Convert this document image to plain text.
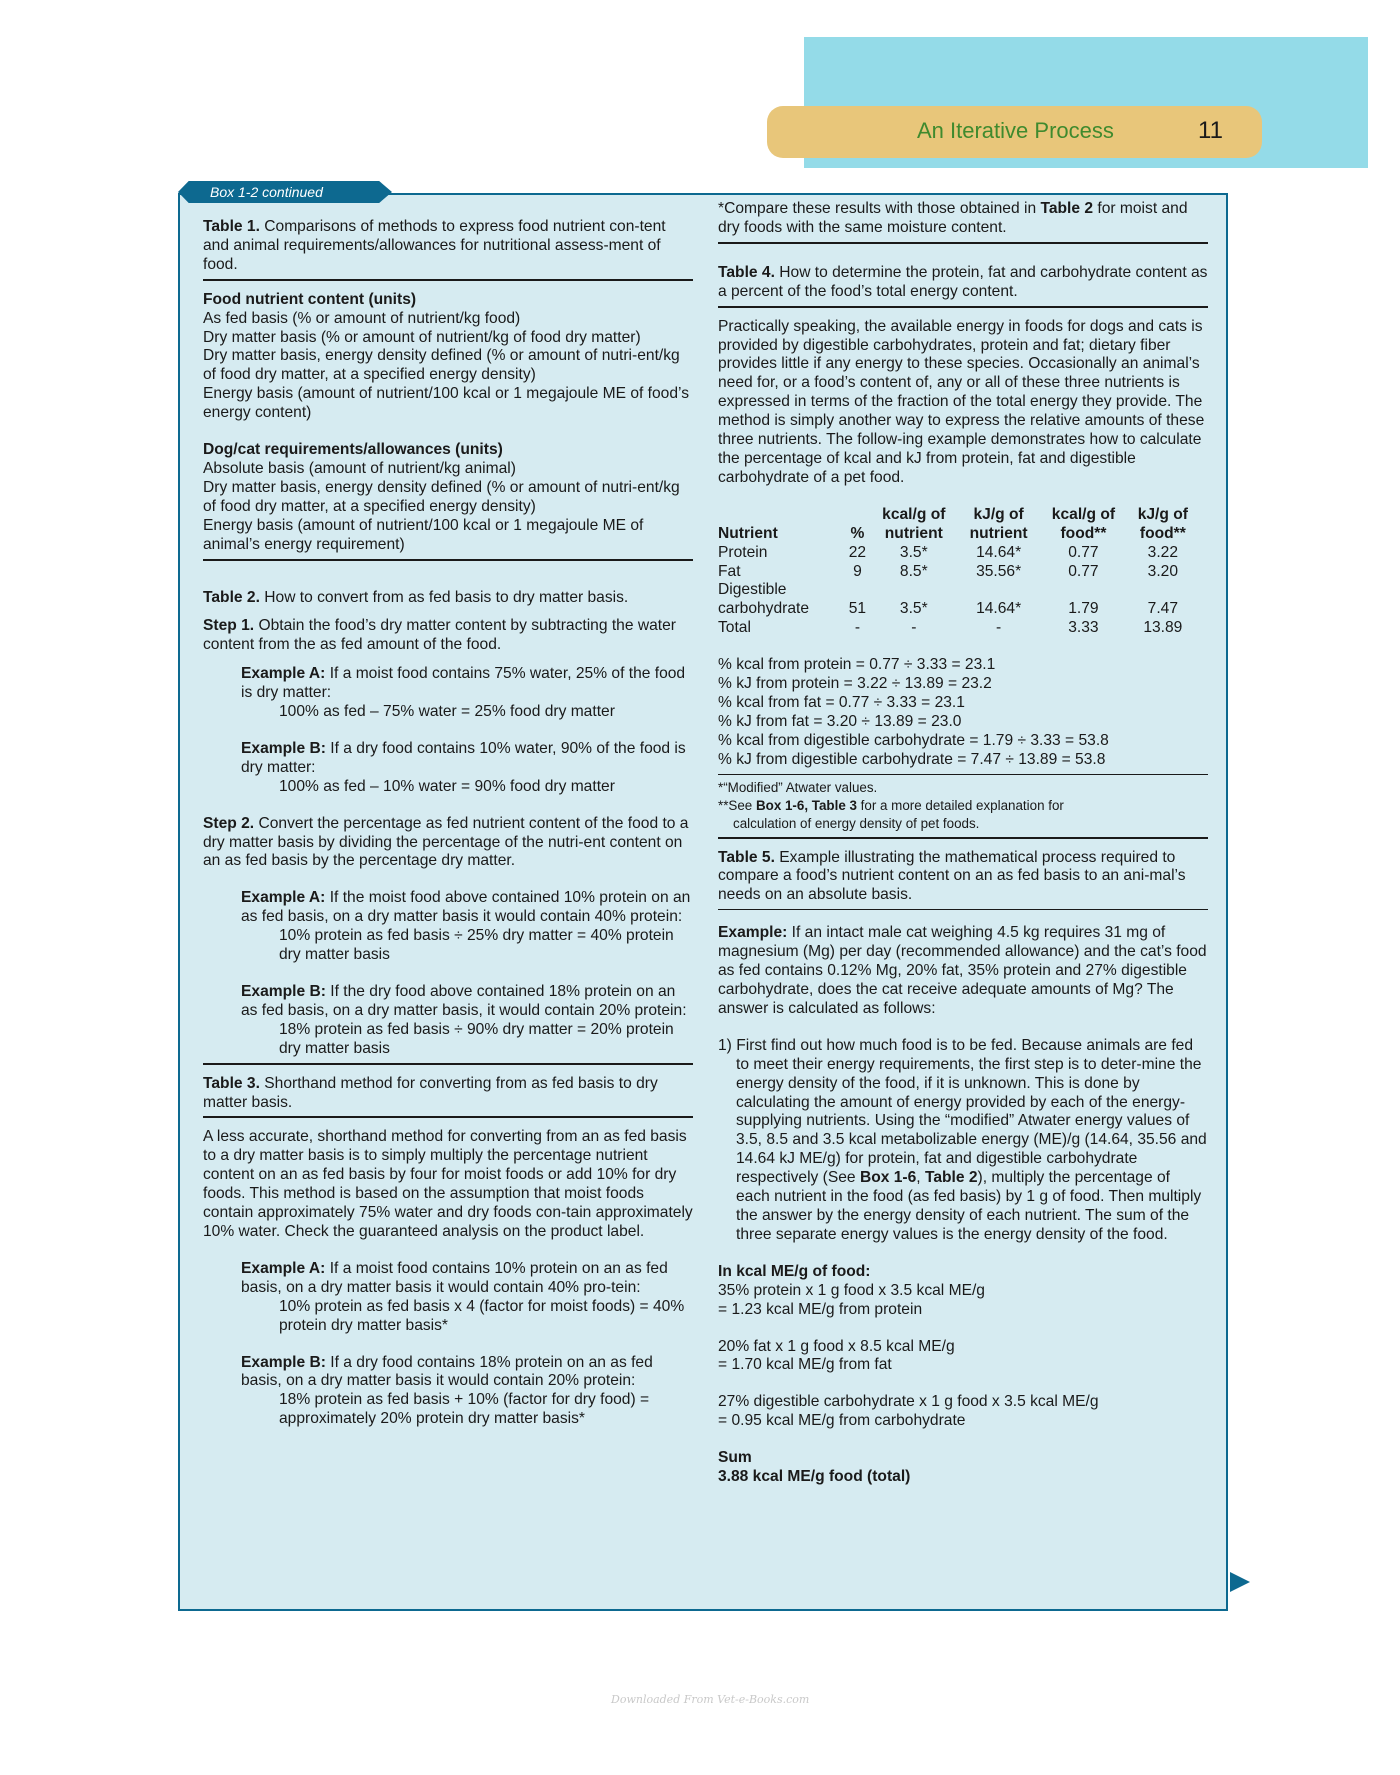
An Iterative Process	11
Box 1-2 continued

Table 1. Comparisons of methods to express food nutrient con-tent and animal requirements/allowances for nutritional assess-ment of food.

Food nutrient content (units)

As fed basis (% or amount of nutrient/kg food)

Dry matter basis (% or amount of nutrient/kg of food dry matter)

Dry matter basis, energy density defined (% or amount of nutri-ent/kg of food dry matter, at a specified energy density)

Energy basis (amount of nutrient/100 kcal or 1 megajoule ME of food’s energy content)

Dog/cat requirements/allowances (units)

Absolute basis (amount of nutrient/kg animal)

Dry matter basis, energy density defined (% or amount of nutri-ent/kg of food dry matter, at a specified energy density)

Energy basis (amount of nutrient/100 kcal or 1 megajoule ME of animal’s energy requirement)

Table 2. How to convert from as fed basis to dry matter basis.

Step 1. Obtain the food’s dry matter content by subtracting the water content from the as fed amount of the food.

Example A: If a moist food contains 75% water, 25% of the food is dry matter:

100% as fed – 75% water = 25% food dry matter

Example B: If a dry food contains 10% water, 90% of the food is dry matter:

100% as fed – 10% water = 90% food dry matter

Step 2. Convert the percentage as fed nutrient content of the food to a dry matter basis by dividing the percentage of the nutri-ent content on an as fed basis by the percentage dry matter.

Example A: If the moist food above contained 10% protein on an as fed basis, on a dry matter basis it would contain 40% protein:

10% protein as fed basis ÷ 25% dry matter = 40% protein dry matter basis

Example B: If the dry food above contained 18% protein on an as fed basis, on a dry matter basis, it would contain 20% protein:

18% protein as fed basis ÷ 90% dry matter = 20% protein dry matter basis

Table 3. Shorthand method for converting from as fed basis to dry matter basis.

A less accurate, shorthand method for converting from an as fed basis to a dry matter basis is to simply multiply the percentage nutrient content on an as fed basis by four for moist foods or add 10% for dry foods. This method is based on the assumption that moist foods contain approximately 75% water and dry foods con-tain approximately 10% water. Check the guaranteed analysis on the product label.

Example A: If a moist food contains 10% protein on an as fed basis, on a dry matter basis it would contain 40% pro-tein:

10% protein as fed basis x 4 (factor for moist foods) = 40% protein dry matter basis*

Example B: If a dry food contains 18% protein on an as fed basis, on a dry matter basis it would contain 20% protein:

18% protein as fed basis + 10% (factor for dry food) = approximately 20% protein dry matter basis*

*Compare these results with those obtained in Table 2 for moist and dry foods with the same moisture content.

Table 4. How to determine the protein, fat and carbohydrate content as a percent of the food’s total energy content.

Practically speaking, the available energy in foods for dogs and cats is provided by digestible carbohydrates, protein and fat; dietary fiber provides little if any energy to these species. Occasionally an animal’s need for, or a food’s content of, any or all of these three nutrients is expressed in terms of the fraction of the total energy they provide. The method is simply another way to express the relative amounts of these three nutrients. The follow-ing example demonstrates how to calculate the percentage of kcal and kJ from protein, fat and digestible carbohydrate of a pet food.

		kcal/g of	kJ/g of	kcal/g of	kJ/g of
Nutrient	%	nutrient	nutrient	food**	food**
Protein	22	3.5*	14.64*	0.77	3.22
Fat	9	8.5*	35.56*	0.77	3.20
Digestible					
carbohydrate	51	3.5*	14.64*	1.79	7.47
Total	-	-	-	3.33	13.89

% kcal from protein = 0.77 ÷ 3.33 = 23.1

% kJ from protein = 3.22 ÷ 13.89 = 23.2

% kcal from fat = 0.77 ÷ 3.33 = 23.1

% kJ from fat = 3.20 ÷ 13.89 = 23.0

% kcal from digestible carbohydrate = 1.79 ÷ 3.33 = 53.8

% kJ from digestible carbohydrate = 7.47 ÷ 13.89 = 53.8

*“Modified” Atwater values.

**See Box 1-6, Table 3 for a more detailed explanation for

calculation of energy density of pet foods.

Table 5. Example illustrating the mathematical process required to compare a food’s nutrient content on an as fed basis to an ani-mal’s needs on an absolute basis.

Example: If an intact male cat weighing 4.5 kg requires 31 mg of magnesium (Mg) per day (recommended allowance) and the cat’s food as fed contains 0.12% Mg, 20% fat, 35% protein and 27% digestible carbohydrate, does the cat receive adequate amounts of Mg? The answer is calculated as follows:

1) First find out how much food is to be fed. Because animals are fed to meet their energy requirements, the first step is to deter-mine the energy density of the food, if it is unknown. This is done by calculating the amount of energy provided by each of the energy-supplying nutrients. Using the “modified” Atwater energy values of 3.5, 8.5 and 3.5 kcal metabolizable energy (ME)/g (14.64, 35.56 and 14.64 kJ ME/g) for protein, fat and digestible carbohydrate respectively (See Box 1-6, Table 2), multiply the percentage of each nutrient in the food (as fed basis) by 1 g of food. Then multiply the answer by the energy density of each nutrient. The sum of the three separate energy values is the energy density of the food.

In kcal ME/g of food:

35% protein x 1 g food x 3.5 kcal ME/g

= 1.23 kcal ME/g from protein

20% fat x 1 g food x 8.5 kcal ME/g

= 1.70 kcal ME/g from fat

27% digestible carbohydrate x 1 g food x 3.5 kcal ME/g

= 0.95 kcal ME/g from carbohydrate

Sum

3.88 kcal ME/g food (total)

Downloaded From Vet-e-Books.com
